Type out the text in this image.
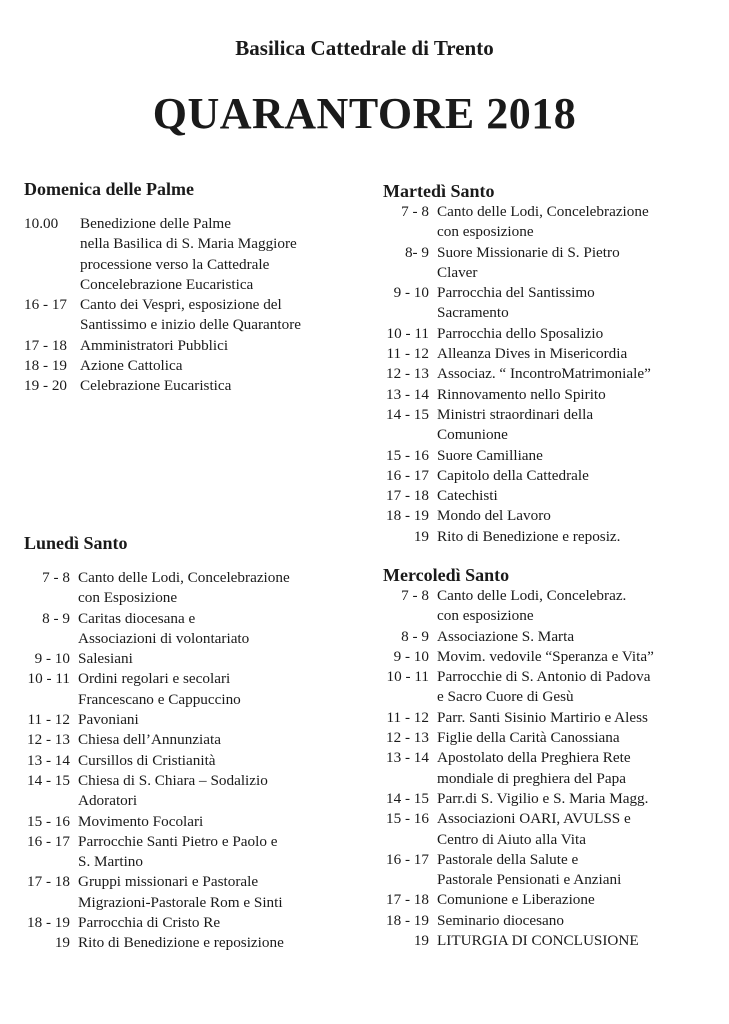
Basilica Cattedrale di Trento
QUARANTORE 2018
Domenica delle Palme
10.00	Benedizione delle Palme
nella Basilica di S. Maria Maggiore
processione verso la Cattedrale
Concelebrazione Eucaristica
16 - 17 Canto dei Vespri, esposizione del
Santissimo e inizio delle Quarantore
17 - 18 Amministratori Pubblici
18 - 19 Azione Cattolica
19 - 20 Celebrazione Eucaristica
Lunedì Santo
7 - 8 Canto delle Lodi, Concelebrazione
con Esposizione
8 - 9 Caritas diocesana e
Associazioni di volontariato
9 - 10 Salesiani
10 - 11 Ordini regolari e secolari
Francescano e Cappuccino
11 - 12 Pavoniani
12 - 13 Chiesa dell’Annunziata
13 - 14 Cursillos di Cristianità
14 - 15 Chiesa di S. Chiara – Sodalizio
Adoratori
15 - 16 Movimento Focolari
16 - 17 Parrocchie Santi Pietro e Paolo e
S. Martino
17 - 18 Gruppi missionari e Pastorale
Migrazioni-Pastorale Rom e Sinti
18 - 19 Parrocchia di Cristo Re
19 Rito di Benedizione e reposizione
Martedì Santo
7 - 8 Canto delle Lodi, Concelebrazione
con esposizione
8- 9 Suore Missionarie di S. Pietro
Claver
9 - 10 Parrocchia del Santissimo
Sacramento
10 - 11 Parrocchia dello Sposalizio
11 - 12 Alleanza Dives in Misericordia
12 - 13 Associaz. “ IncontroMatrimoniale”
13 - 14 Rinnovamento nello Spirito
14 - 15 Ministri straordinari della
Comunione
15 - 16 Suore Camilliane
16 - 17 Capitolo della Cattedrale
17 - 18 Catechisti
18 - 19 Mondo del Lavoro
19 Rito di Benedizione e reposiz.
Mercoledì Santo
7 - 8 Canto delle Lodi, Concelebraz.
con esposizione
8 - 9 Associazione S. Marta
9 - 10 Movim. vedovile “Speranza e Vita”
10 - 11 Parrocchie di S. Antonio di Padova
e Sacro Cuore di Gesù
11 - 12 Parr. Santi Sisinio Martirio e Aless
12 - 13 Figlie della Carità Canossiana
13 - 14 Apostolato della Preghiera Rete
mondiale di preghiera del Papa
14 - 15 Parr.di S. Vigilio e S. Maria Magg.
15 - 16 Associazioni OARI, AVULSS e
Centro di Aiuto alla Vita
16 - 17 Pastorale della Salute e
Pastorale Pensionati e Anziani
17 - 18 Comunione e Liberazione
18 - 19 Seminario diocesano
19 LITURGIA DI CONCLUSIONE
